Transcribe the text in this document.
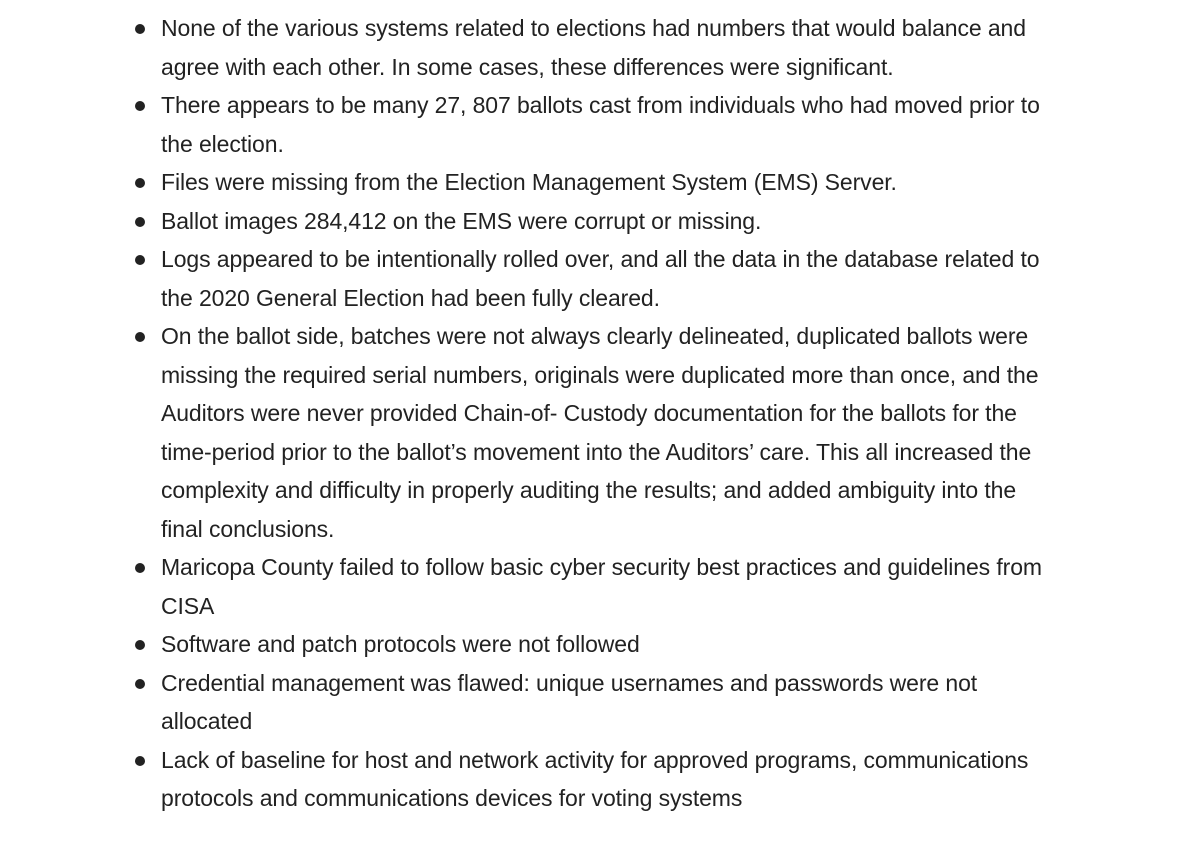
None of the various systems related to elections had numbers that would balance and agree with each other. In some cases, these differences were significant.
There appears to be many 27, 807 ballots cast from individuals who had moved prior to the election.
Files were missing from the Election Management System (EMS) Server.
Ballot images 284,412 on the EMS were corrupt or missing.
Logs appeared to be intentionally rolled over, and all the data in the database related to the 2020 General Election had been fully cleared.
On the ballot side, batches were not always clearly delineated, duplicated ballots were missing the required serial numbers, originals were duplicated more than once, and the Auditors were never provided Chain-of- Custody documentation for the ballots for the time-period prior to the ballot’s movement into the Auditors’ care. This all increased the complexity and difficulty in properly auditing the results; and added ambiguity into the final conclusions.
Maricopa County failed to follow basic cyber security best practices and guidelines from CISA
Software and patch protocols were not followed
Credential management was flawed: unique usernames and passwords were not allocated
Lack of baseline for host and network activity for approved programs, communications protocols and communications devices for voting systems
